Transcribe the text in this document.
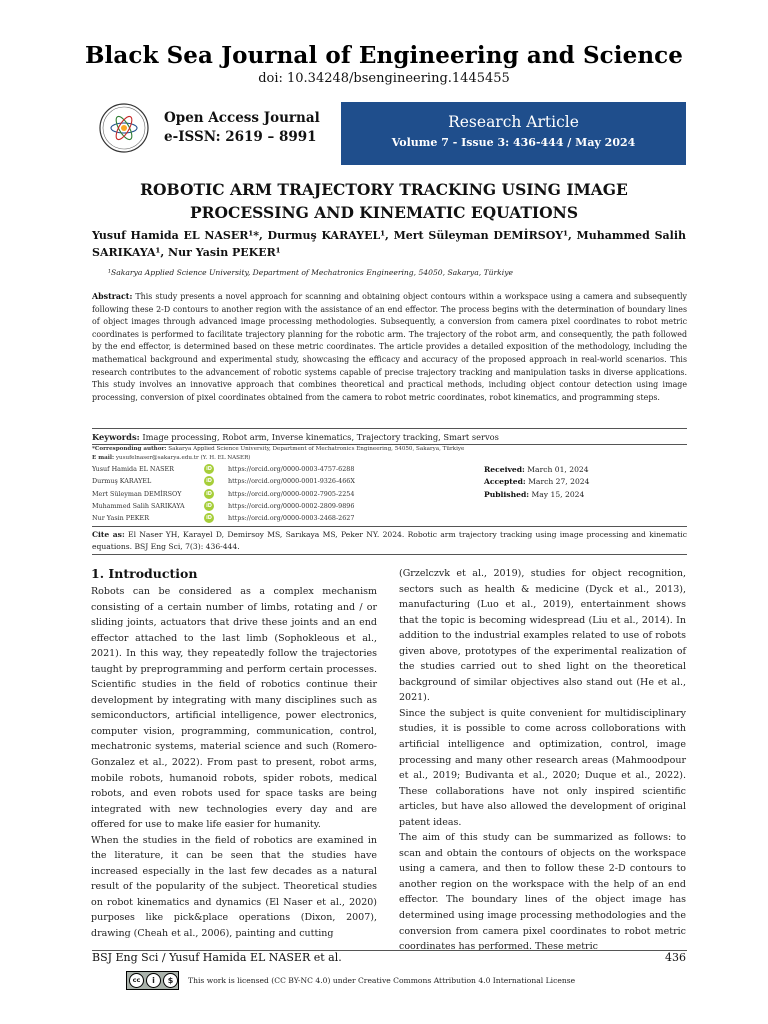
Black Sea Journal of Engineering and Science
doi: 10.34248/bsengineering.1445455
Open Access Journal
e-ISSN: 2619 – 8991
Research Article
Volume 7 - Issue 3: 436-444 / May 2024
ROBOTIC ARM TRAJECTORY TRACKING USING IMAGE
PROCESSING AND KINEMATIC EQUATIONS
Yusuf Hamida EL NASER¹*, Durmuş KARAYEL¹, Mert Süleyman DEMİRSOY¹, Muhammed Salih SARIKAYA¹, Nur Yasin PEKER¹
¹Sakarya Applied Science University, Department of Mechatronics Engineering, 54050, Sakarya, Türkiye
Abstract: This study presents a novel approach for scanning and obtaining object contours within a workspace using a camera and subsequently following these 2-D contours to another region with the assistance of an end effector. The process begins with the determination of boundary lines of object images through advanced image processing methodologies. Subsequently, a conversion from camera pixel coordinates to robot metric coordinates is performed to facilitate trajectory planning for the robotic arm. The trajectory of the robot arm, and consequently, the path followed by the end effector, is determined based on these metric coordinates. The article provides a detailed exposition of the methodology, including the mathematical background and experimental study, showcasing the efficacy and accuracy of the proposed approach in real-world scenarios. This research contributes to the advancement of robotic systems capable of precise trajectory tracking and manipulation tasks in diverse applications. This study involves an innovative approach that combines theoretical and practical methods, including object contour detection using image processing, conversion of pixel coordinates obtained from the camera to robot metric coordinates, robot kinematics, and programming steps.
Keywords: Image processing, Robot arm, Inverse kinematics, Trajectory tracking, Smart servos
*Corresponding author: Sakarya Applied Science University, Department of Mechatronics Engineering, 54050, Sakarya, Türkiye
E mail: yusufelnaser@sakarya.edu.tr (Y. H. EL NASER)
Yusuf Hamida EL NASER	iD	https://orcid.org/0000-0003-4757-6288
Durmuş KARAYEL	iD	https://orcid.org/0000-0001-9326-466X
Mert Süleyman DEMİRSOY	iD	https://orcid.org/0000-0002-7905-2254
Muhammed Salih SARIKAYA	iD	https://orcid.org/0000-0002-2809-9896
Nur Yasin PEKER	iD	https://orcid.org/0000-0003-2468-2627
Received: March 01, 2024
Accepted: March 27, 2024
Published: May 15, 2024
Cite as: El Naser YH, Karayel D, Demirsoy MS, Sarıkaya MS, Peker NY. 2024. Robotic arm trajectory tracking using image processing and kinematic equations. BSJ Eng Sci, 7(3): 436-444.
1. Introduction

Robots can be considered as a complex mechanism consisting of a certain number of limbs, rotating and / or sliding joints, actuators that drive these joints and an end effector attached to the last limb (Sophokleous et al., 2021). In this way, they repeatedly follow the trajectories taught by preprogramming and perform certain processes. Scientific studies in the field of robotics continue their development by integrating with many disciplines such as semiconductors, artificial intelligence, power electronics, computer vision, programming, communication, control, mechatronic systems, material science and such (Romero-Gonzalez et al., 2022). From past to present, robot arms, mobile robots, humanoid robots, spider robots, medical robots, and even robots used for space tasks are being integrated with new technologies every day and are offered for use to make life easier for humanity.

When the studies in the field of robotics are examined in the literature, it can be seen that the studies have increased especially in the last few decades as a natural result of the popularity of the subject. Theoretical studies on robot kinematics and dynamics (El Naser et al., 2020) purposes like pick&place operations (Dixon, 2007), drawing (Cheah et al., 2006), painting and cutting

(Grzelczvk et al., 2019), studies for object recognition, sectors such as health & medicine (Dyck et al., 2013), manufacturing (Luo et al., 2019), entertainment shows that the topic is becoming widespread (Liu et al., 2014). In addition to the industrial examples related to use of robots given above, prototypes of the experimental realization of the studies carried out to shed light on the theoretical background of similar objectives also stand out (He et al., 2021).

Since the subject is quite convenient for multidisciplinary studies, it is possible to come across colloborations with artificial intelligence and optimization, control, image processing and many other research areas (Mahmoodpour et al., 2019; Budivanta et al., 2020; Duque et al., 2022). These collaborations have not only inspired scientific articles, but have also allowed the development of original patent ideas.

The aim of this study can be summarized as follows: to scan and obtain the contours of objects on the workspace using a camera, and then to follow these 2-D contours to another region on the workspace with the help of an end effector. The boundary lines of the object image has determined using image processing methodologies and the conversion from camera pixel coordinates to robot metric coordinates has performed. These metric

BSJ Eng Sci / Yusuf Hamida EL NASER et al.	436
cc	i	$	This work is licensed (CC BY-NC 4.0) under Creative Commons Attribution 4.0 International License
